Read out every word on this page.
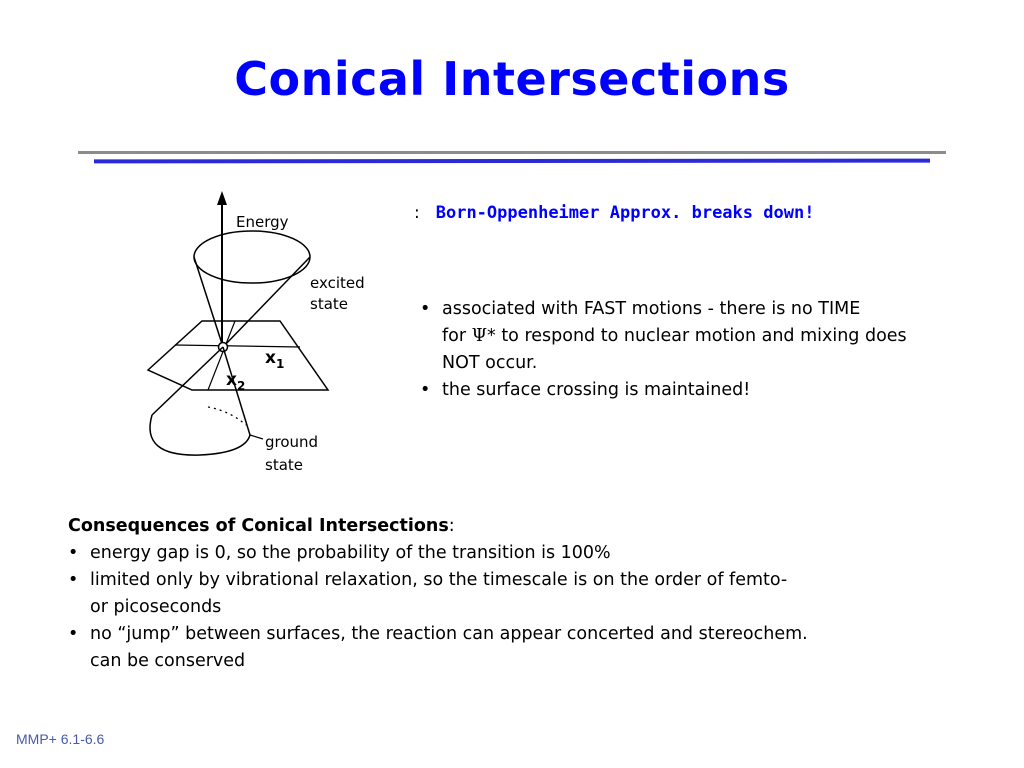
Conical Intersections
Energy
excited
state
$x_1$
$x_2$
ground
state
: Born-Oppenheimer Approx. breaks down!
• associated with FAST motions - there is no TIME
for Ψ* to respond to nuclear motion and mixing does
NOT occur.
• the surface crossing is maintained!
Consequences of Conical Intersections:
• energy gap is 0, so the probability of the transition is 100%
• limited only by vibrational relaxation, so the timescale is on the order of femto-
or picoseconds
• no “jump” between surfaces, the reaction can appear concerted and stereochem.
can be conserved
MMP+ 6.1-6.6
